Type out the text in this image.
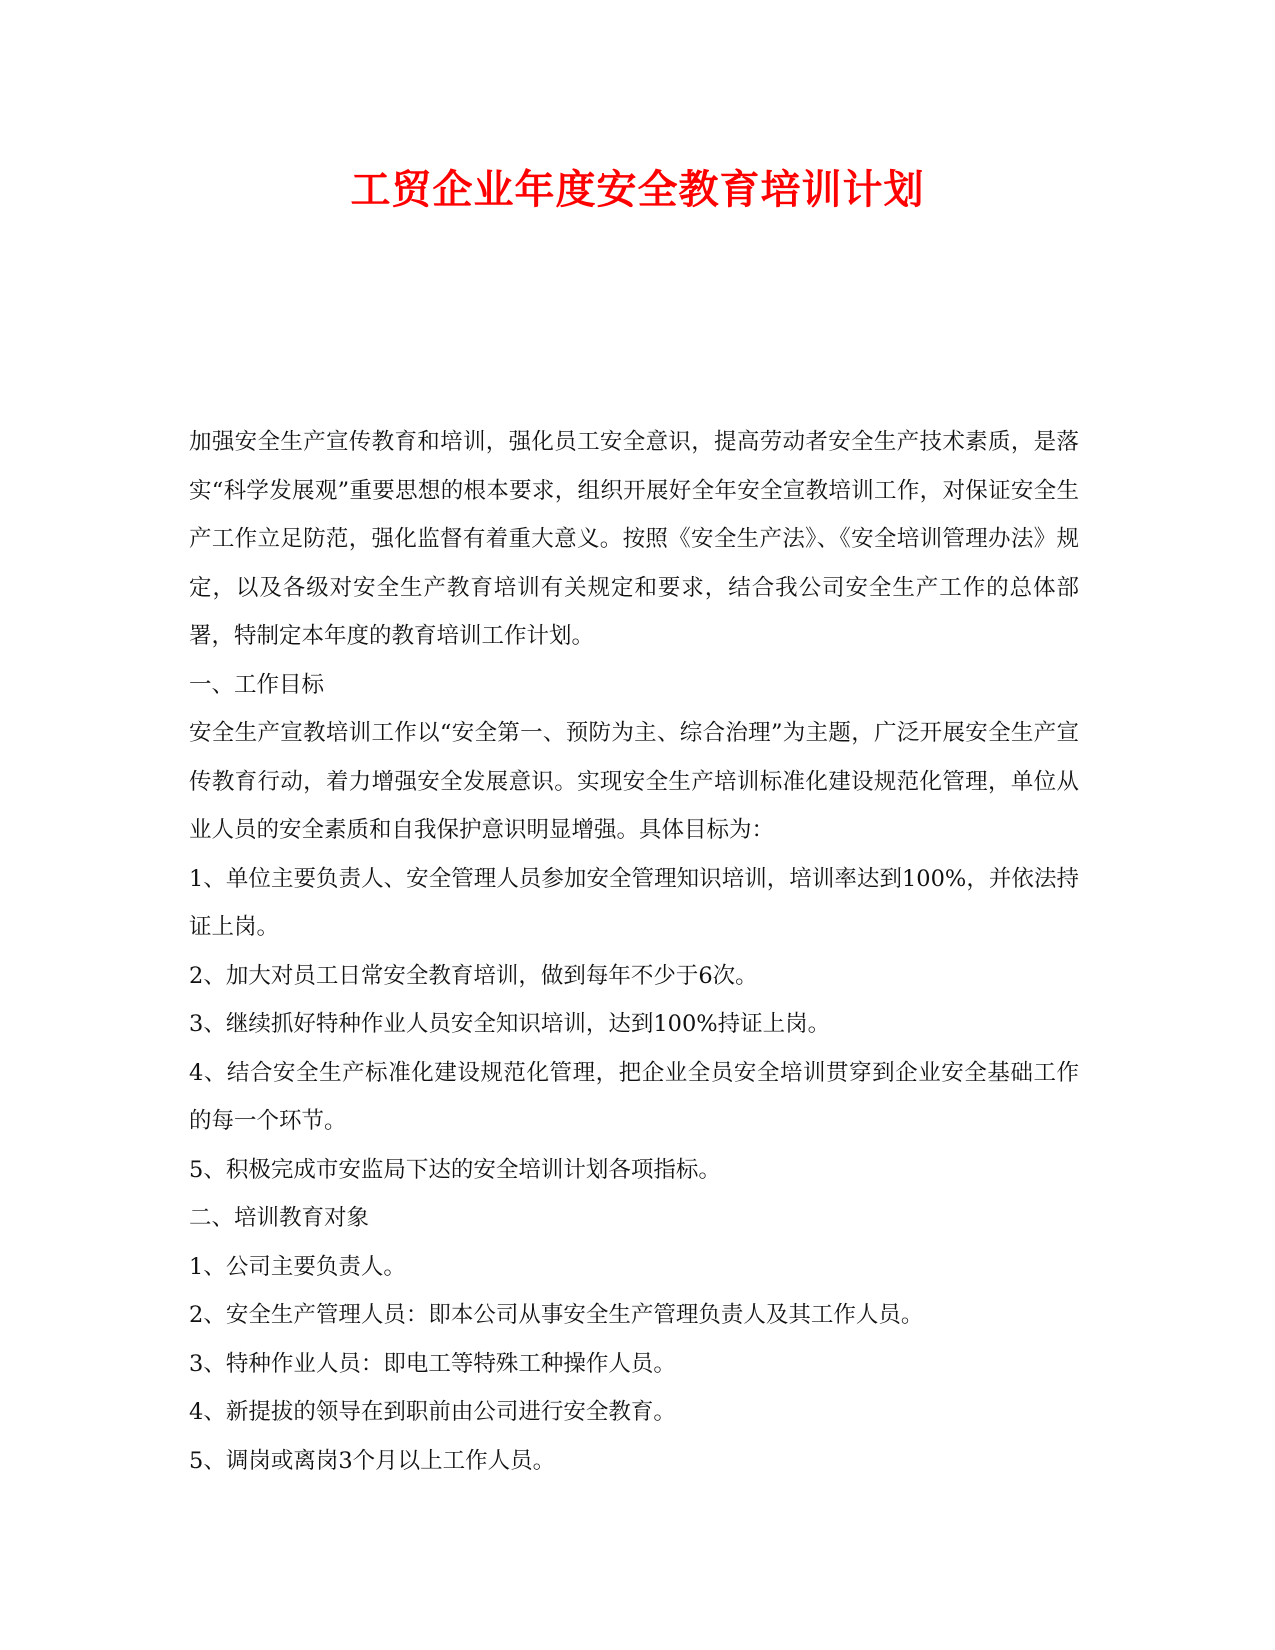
工贸企业年度安全教育培训计划

加强安全生产宣传教育和培训，强化员工安全意识，提高劳动者安全生产技术素质，是落实“科学发展观”重要思想的根本要求，组织开展好全年安全宣教培训工作，对保证安全生产工作立足防范，强化监督有着重大意义。按照《安全生产法》、《安全培训管理办法》规定，以及各级对安全生产教育培训有关规定和要求，结合我公司安全生产工作的总体部署，特制定本年度的教育培训工作计划。

一、工作目标

安全生产宣教培训工作以“安全第一、预防为主、综合治理”为主题，广泛开展安全生产宣传教育行动，着力增强安全发展意识。实现安全生产培训标准化建设规范化管理，单位从业人员的安全素质和自我保护意识明显增强。具体目标为：

1、单位主要负责人、安全管理人员参加安全管理知识培训，培训率达到100%，并依法持证上岗。

2、加大对员工日常安全教育培训，做到每年不少于6次。

3、继续抓好特种作业人员安全知识培训，达到100%持证上岗。

4、结合安全生产标准化建设规范化管理，把企业全员安全培训贯穿到企业安全基础工作的每一个环节。

5、积极完成市安监局下达的安全培训计划各项指标。

二、培训教育对象

1、公司主要负责人。

2、安全生产管理人员：即本公司从事安全生产管理负责人及其工作人员。

3、特种作业人员：即电工等特殊工种操作人员。

4、新提拔的领导在到职前由公司进行安全教育。

5、调岗或离岗3个月以上工作人员。
